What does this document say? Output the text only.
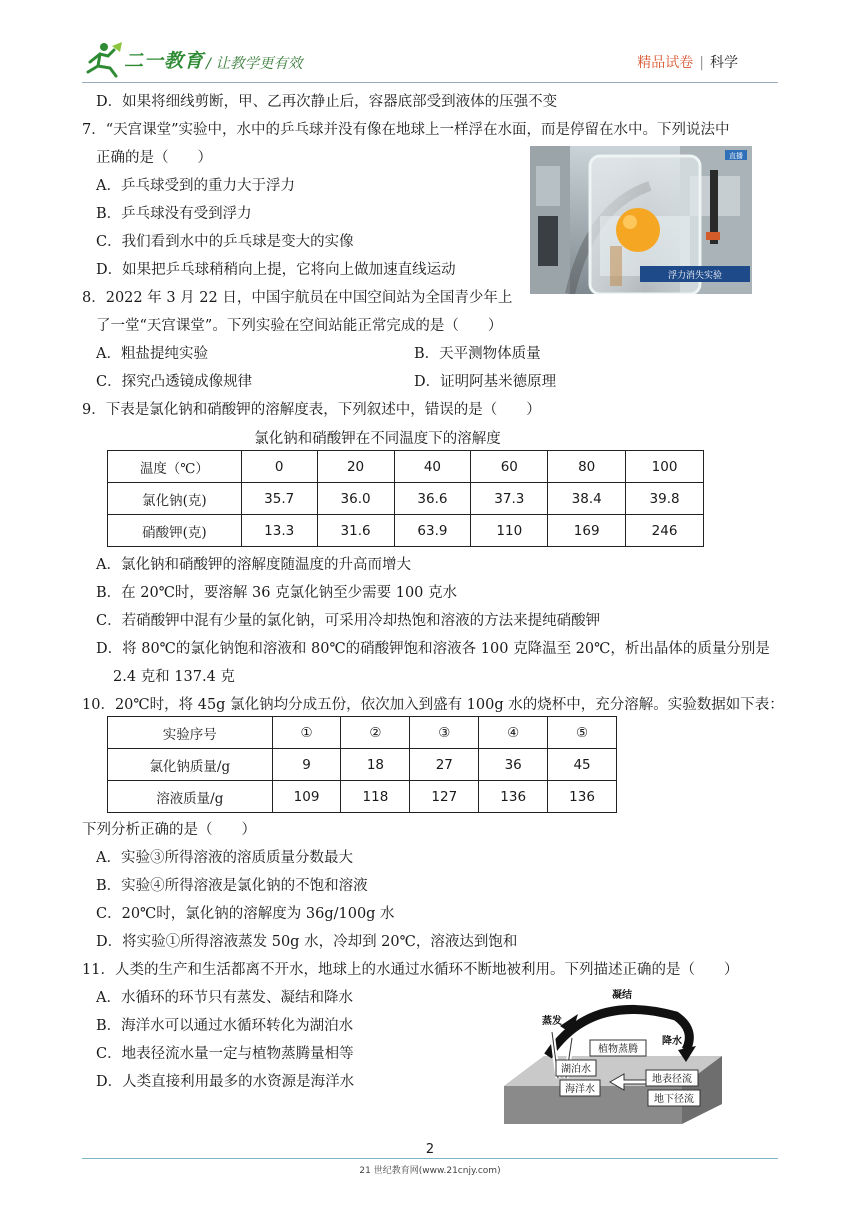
二一教育 / 让教学更有效	精品试卷 | 科学
D．如果将细线剪断，甲、乙再次静止后，容器底部受到液体的压强不变
7．“天宫课堂”实验中，水中的乒乓球并没有像在地球上一样浮在水面，而是停留在水中。下列说法中
正确的是（　　）
A．乒乓球受到的重力大于浮力
B．乒乓球没有受到浮力
C．我们看到水中的乒乓球是变大的实像
D．如果把乒乓球稍稍向上提，它将向上做加速直线运动
直播
浮力消失实验
8．2022 年 3 月 22 日，中国宇航员在中国空间站为全国青少年上
了一堂“天宫课堂”。下列实验在空间站能正常完成的是（　　）
A．粗盐提纯实验	B．天平测物体质量
C．探究凸透镜成像规律	D．证明阿基米德原理
9．下表是氯化钠和硝酸钾的溶解度表，下列叙述中，错误的是（　　）
氯化钠和硝酸钾在不同温度下的溶解度
温度（℃）	0	20	40	60	80	100
氯化钠(克)	35.7	36.0	36.6	37.3	38.4	39.8
硝酸钾(克)	13.3	31.6	63.9	110	169	246
A．氯化钠和硝酸钾的溶解度随温度的升高而增大
B．在 20℃时，要溶解 36 克氯化钠至少需要 100 克水
C．若硝酸钾中混有少量的氯化钠，可采用冷却热饱和溶液的方法来提纯硝酸钾
D．将 80℃的氯化钠饱和溶液和 80℃的硝酸钾饱和溶液各 100 克降温至 20℃，析出晶体的质量分别是
2.4 克和 137.4 克
10．20℃时，将 45g 氯化钠均分成五份，依次加入到盛有 100g 水的烧杯中，充分溶解。实验数据如下表：
实验序号	①	②	③	④	⑤
氯化钠质量/g	9	18	27	36	45
溶液质量/g	109	118	127	136	136
下列分析正确的是（　　）
A．实验③所得溶液的溶质质量分数最大
B．实验④所得溶液是氯化钠的不饱和溶液
C．20℃时，氯化钠的溶解度为 36g/100g 水
D．将实验①所得溶液蒸发 50g 水，冷却到 20℃，溶液达到饱和
11．人类的生产和生活都离不开水，地球上的水通过水循环不断地被利用。下列描述正确的是（　　）
A．水循环的环节只有蒸发、凝结和降水
B．海洋水可以通过水循环转化为湖泊水
C．地表径流水量一定与植物蒸腾量相等
D．人类直接利用最多的水资源是海洋水
凝结
蒸发
降水
植物蒸腾
湖泊水
海洋水
地表径流
地下径流
2
21 世纪教育网(www.21cnjy.com)
